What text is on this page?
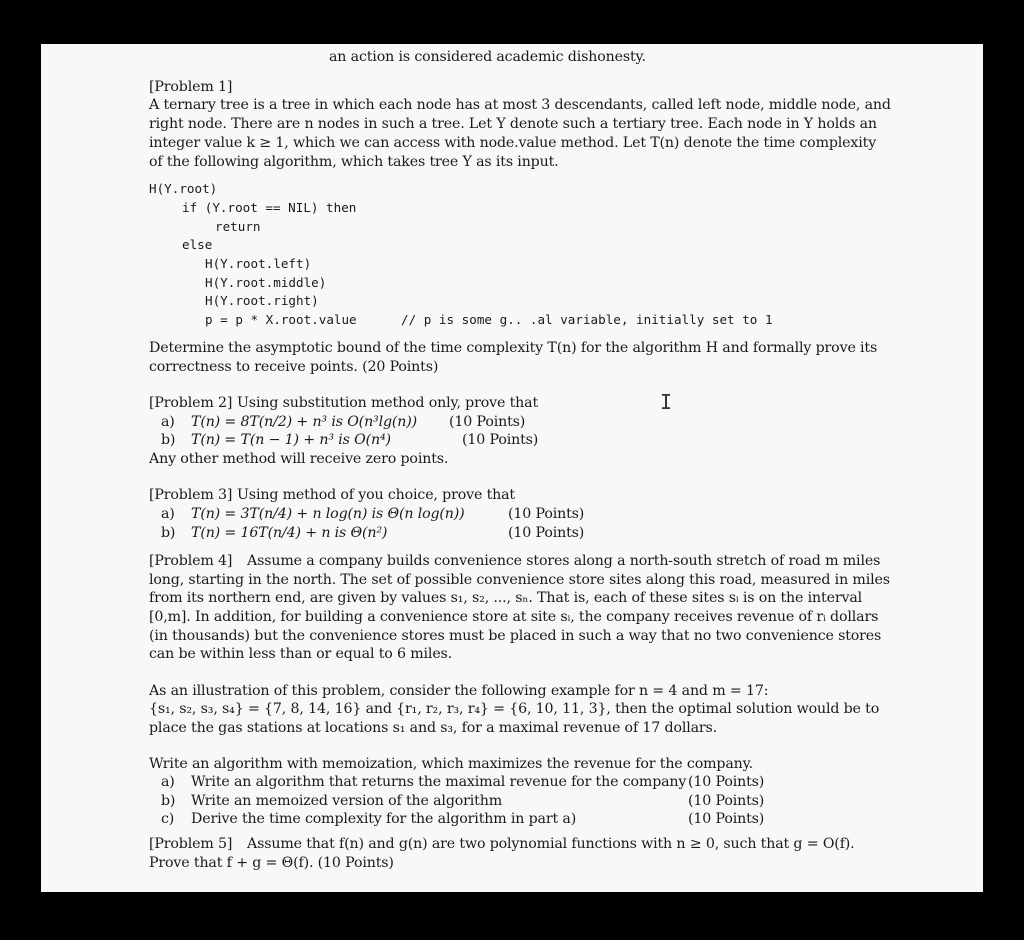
an action is considered academic dishonesty.
[Problem 1]
A ternary tree is a tree in which each node has at most 3 descendants, called left node, middle node, and
right node. There are n nodes in such a tree. Let Y denote such a tertiary tree. Each node in Y holds an
integer value k ≥ 1, which we can access with node.value method. Let T(n) denote the time complexity
of the following algorithm, which takes tree Y as its input.
H(Y.root)
if (Y.root == NIL) then
return
else
H(Y.root.left)
H(Y.root.middle)
H(Y.root.right)
p = p * X.root.value	// p is some g.. .al variable, initially set to 1
Determine the asymptotic bound of the time complexity T(n) for the algorithm H and formally prove its
correctness to receive points. (20 Points)
[Problem 2] Using substitution method only, prove that
a) T(n) = 8T(n/2) + n³ is O(n³lg(n)) (10 Points)
b) T(n) = T(n − 1) + n³ is O(n⁴)	(10 Points)
Any other method will receive zero points.
I
[Problem 3] Using method of you choice, prove that
a) T(n) = 3T(n/4) + n log(n) is Θ(n log(n))	(10 Points)
b) T(n) = 16T(n/4) + n is Θ(n²)	(10 Points)
[Problem 4] Assume a company builds convenience stores along a north-south stretch of road m miles
long, starting in the north. The set of possible convenience store sites along this road, measured in miles
from its northern end, are given by values s₁, s₂, ..., sₙ. That is, each of these sites sᵢ is on the interval
[0,m]. In addition, for building a convenience store at site sᵢ, the company receives revenue of rᵢ dollars
(in thousands) but the convenience stores must be placed in such a way that no two convenience stores
can be within less than or equal to 6 miles.
As an illustration of this problem, consider the following example for n = 4 and m = 17:
{s₁, s₂, s₃, s₄} = {7, 8, 14, 16} and {r₁, r₂, r₃, r₄} = {6, 10, 11, 3}, then the optimal solution would be to
place the gas stations at locations s₁ and s₃, for a maximal revenue of 17 dollars.
Write an algorithm with memoization, which maximizes the revenue for the company.
a) Write an algorithm that returns the maximal revenue for the company (10 Points)
b) Write an memoized version of the algorithm	(10 Points)
c) Derive the time complexity for the algorithm in part a)	(10 Points)
[Problem 5] Assume that f(n) and g(n) are two polynomial functions with n ≥ 0, such that g = O(f).
Prove that f + g = Θ(f). (10 Points)
